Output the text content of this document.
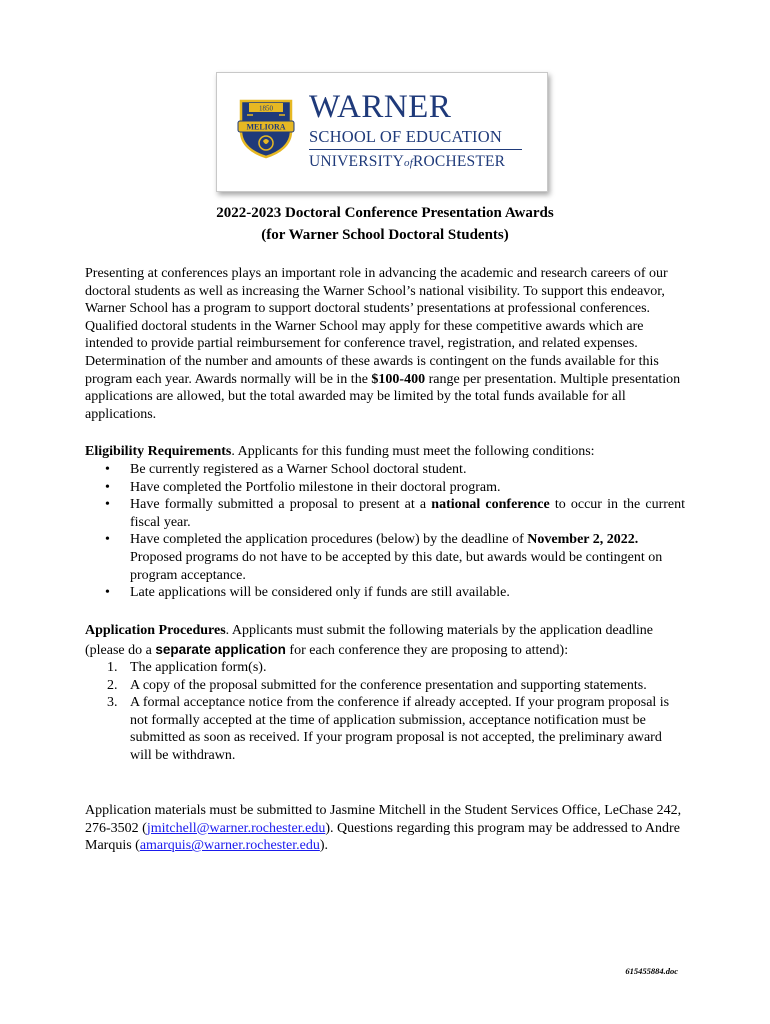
1850
MELIORA
WARNER
SCHOOL OF EDUCATION
UNIVERSITYofROCHESTER
2022-2023 Doctoral Conference Presentation Awards
(for Warner School Doctoral Students)

Presenting at conferences plays an important role in advancing the academic and research careers of our doctoral students as well as increasing the Warner School’s national visibility. To support this endeavor, Warner School has a program to support doctoral students’ presentations at professional conferences. Qualified doctoral students in the Warner School may apply for these competitive awards which are intended to provide partial reimbursement for conference travel, registration, and related expenses. Determination of the number and amounts of these awards is contingent on the funds available for this program each year. Awards normally will be in the $100-400 range per presentation. Multiple presentation applications are allowed, but the total awarded may be limited by the total funds available for all applications.

Eligibility Requirements. Applicants for this funding must meet the following conditions:

• Be currently registered as a Warner School doctoral student.
• Have completed the Portfolio milestone in their doctoral program.
• Have formally submitted a proposal to present at a national conference to occur in the current fiscal year.
• Have completed the application procedures (below) by the deadline of November 2, 2022. Proposed programs do not have to be accepted by this date, but awards would be contingent on program acceptance.
• Late applications will be considered only if funds are still available.

Application Procedures. Applicants must submit the following materials by the application deadline (please do a separate application for each conference they are proposing to attend):

1. The application form(s).
2. A copy of the proposal submitted for the conference presentation and supporting statements.
3. A formal acceptance notice from the conference if already accepted. If your program proposal is not formally accepted at the time of application submission, acceptance notification must be submitted as soon as received. If your program proposal is not accepted, the preliminary award will be withdrawn.

Application materials must be submitted to Jasmine Mitchell in the Student Services Office, LeChase 242, 276-3502 (jmitchell@warner.rochester.edu). Questions regarding this program may be addressed to Andre Marquis (amarquis@warner.rochester.edu).

615455884.doc
